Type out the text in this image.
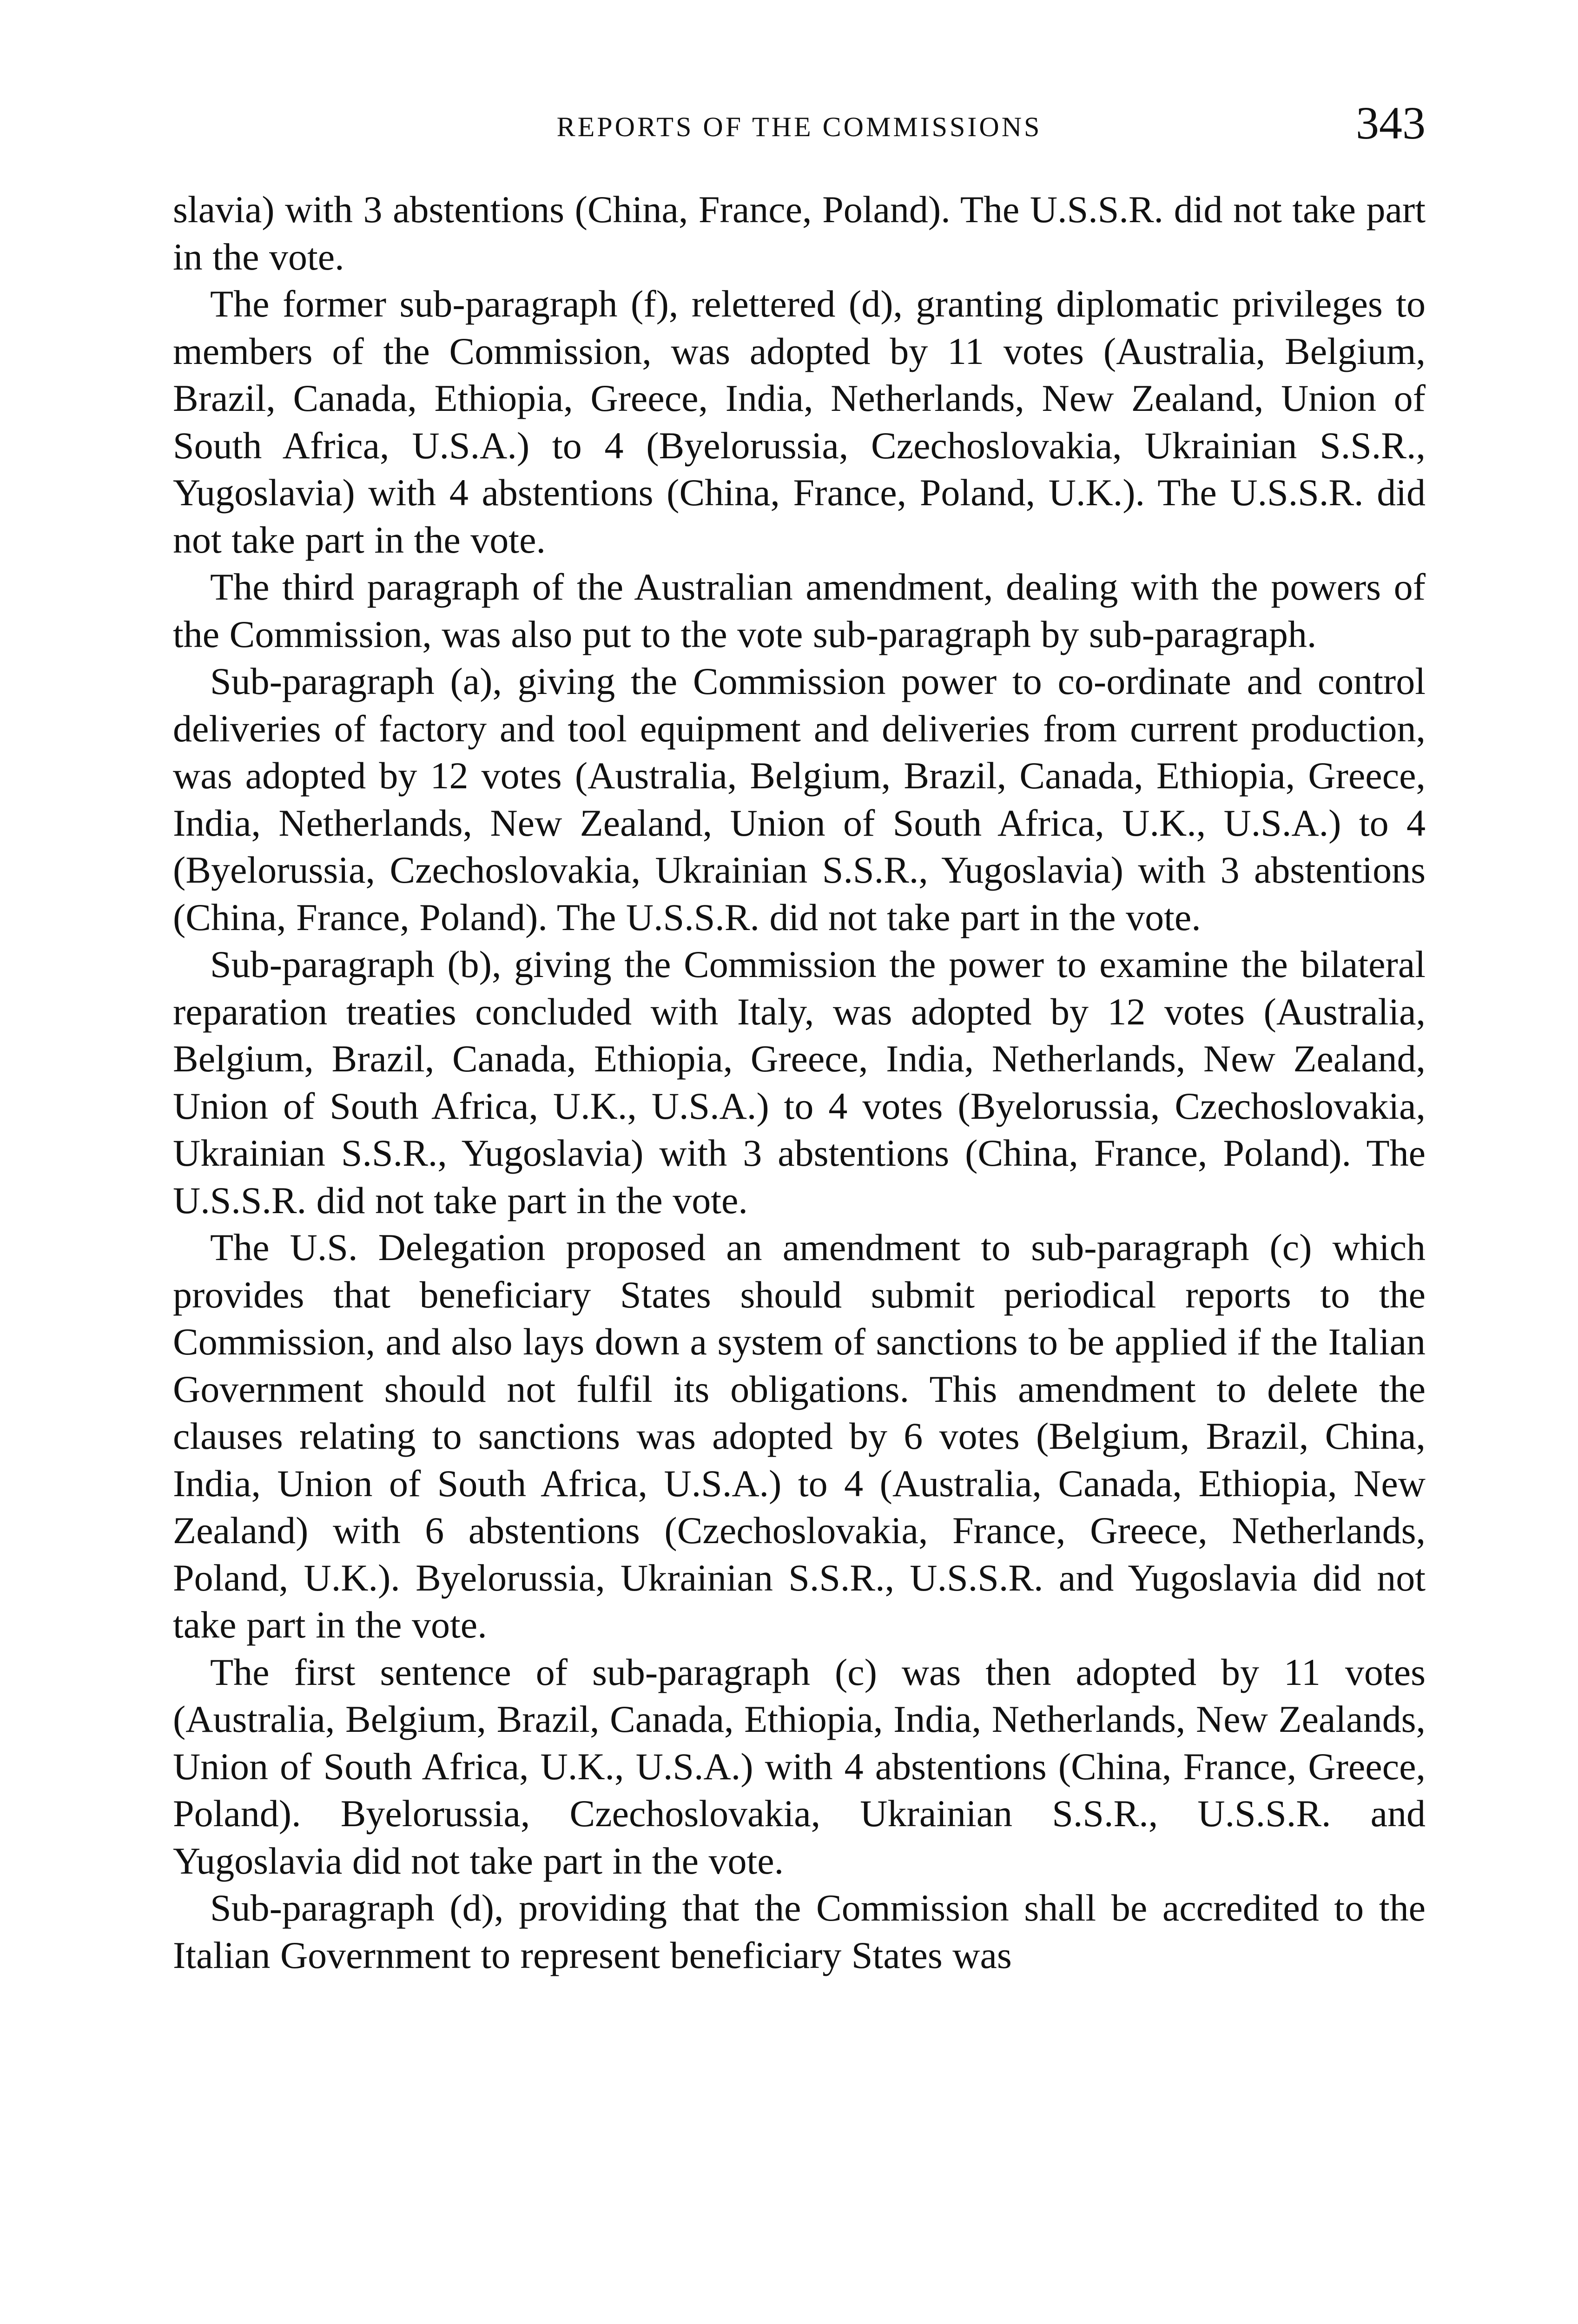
REPORTS OF THE COMMISSIONS	343

slavia) with 3 abstentions (China, France, Poland). The U.S.S.R. did not take part in the vote.

The former sub-paragraph (f), relettered (d), granting diplomatic privileges to members of the Commission, was adopted by 11 votes (Australia, Belgium, Brazil, Canada, Ethiopia, Greece, India, Netherlands, New Zealand, Union of South Africa, U.S.A.) to 4 (Byelorussia, Czechoslovakia, Ukrainian S.S.R., Yugoslavia) with 4 abstentions (China, France, Poland, U.K.). The U.S.S.R. did not take part in the vote.

The third paragraph of the Australian amendment, dealing with the powers of the Commission, was also put to the vote sub-paragraph by sub-paragraph.

Sub-paragraph (a), giving the Commission power to co-ordinate and control deliveries of factory and tool equipment and deliveries from current production, was adopted by 12 votes (Australia, Belgium, Brazil, Canada, Ethiopia, Greece, India, Netherlands, New Zealand, Union of South Africa, U.K., U.S.A.) to 4 (Byelorussia, Czechoslovakia, Ukrainian S.S.R., Yugoslavia) with 3 abstentions (China, France, Poland). The U.S.S.R. did not take part in the vote.

Sub-paragraph (b), giving the Commission the power to examine the bilateral reparation treaties concluded with Italy, was adopted by 12 votes (Australia, Belgium, Brazil, Canada, Ethiopia, Greece, India, Netherlands, New Zealand, Union of South Africa, U.K., U.S.A.) to 4 votes (Byelorussia, Czechoslovakia, Ukrainian S.S.R., Yugoslavia) with 3 abstentions (China, France, Poland). The U.S.S.R. did not take part in the vote.

The U.S. Delegation proposed an amendment to sub-paragraph (c) which provides that beneficiary States should submit periodical reports to the Commission, and also lays down a system of sanctions to be applied if the Italian Government should not fulfil its obligations. This amendment to delete the clauses relating to sanctions was adopted by 6 votes (Belgium, Brazil, China, India, Union of South Africa, U.S.A.) to 4 (Australia, Canada, Ethiopia, New Zealand) with 6 abstentions (Czechoslovakia, France, Greece, Netherlands, Poland, U.K.). Byelorussia, Ukrainian S.S.R., U.S.S.R. and Yugoslavia did not take part in the vote.

The first sentence of sub-paragraph (c) was then adopted by 11 votes (Australia, Belgium, Brazil, Canada, Ethiopia, India, Netherlands, New Zealands, Union of South Africa, U.K., U.S.A.) with 4 abstentions (China, France, Greece, Poland). Byelorussia, Czechoslovakia, Ukrainian S.S.R., U.S.S.R. and Yugoslavia did not take part in the vote.

Sub-paragraph (d), providing that the Commission shall be accredited to the Italian Government to represent beneficiary States was
